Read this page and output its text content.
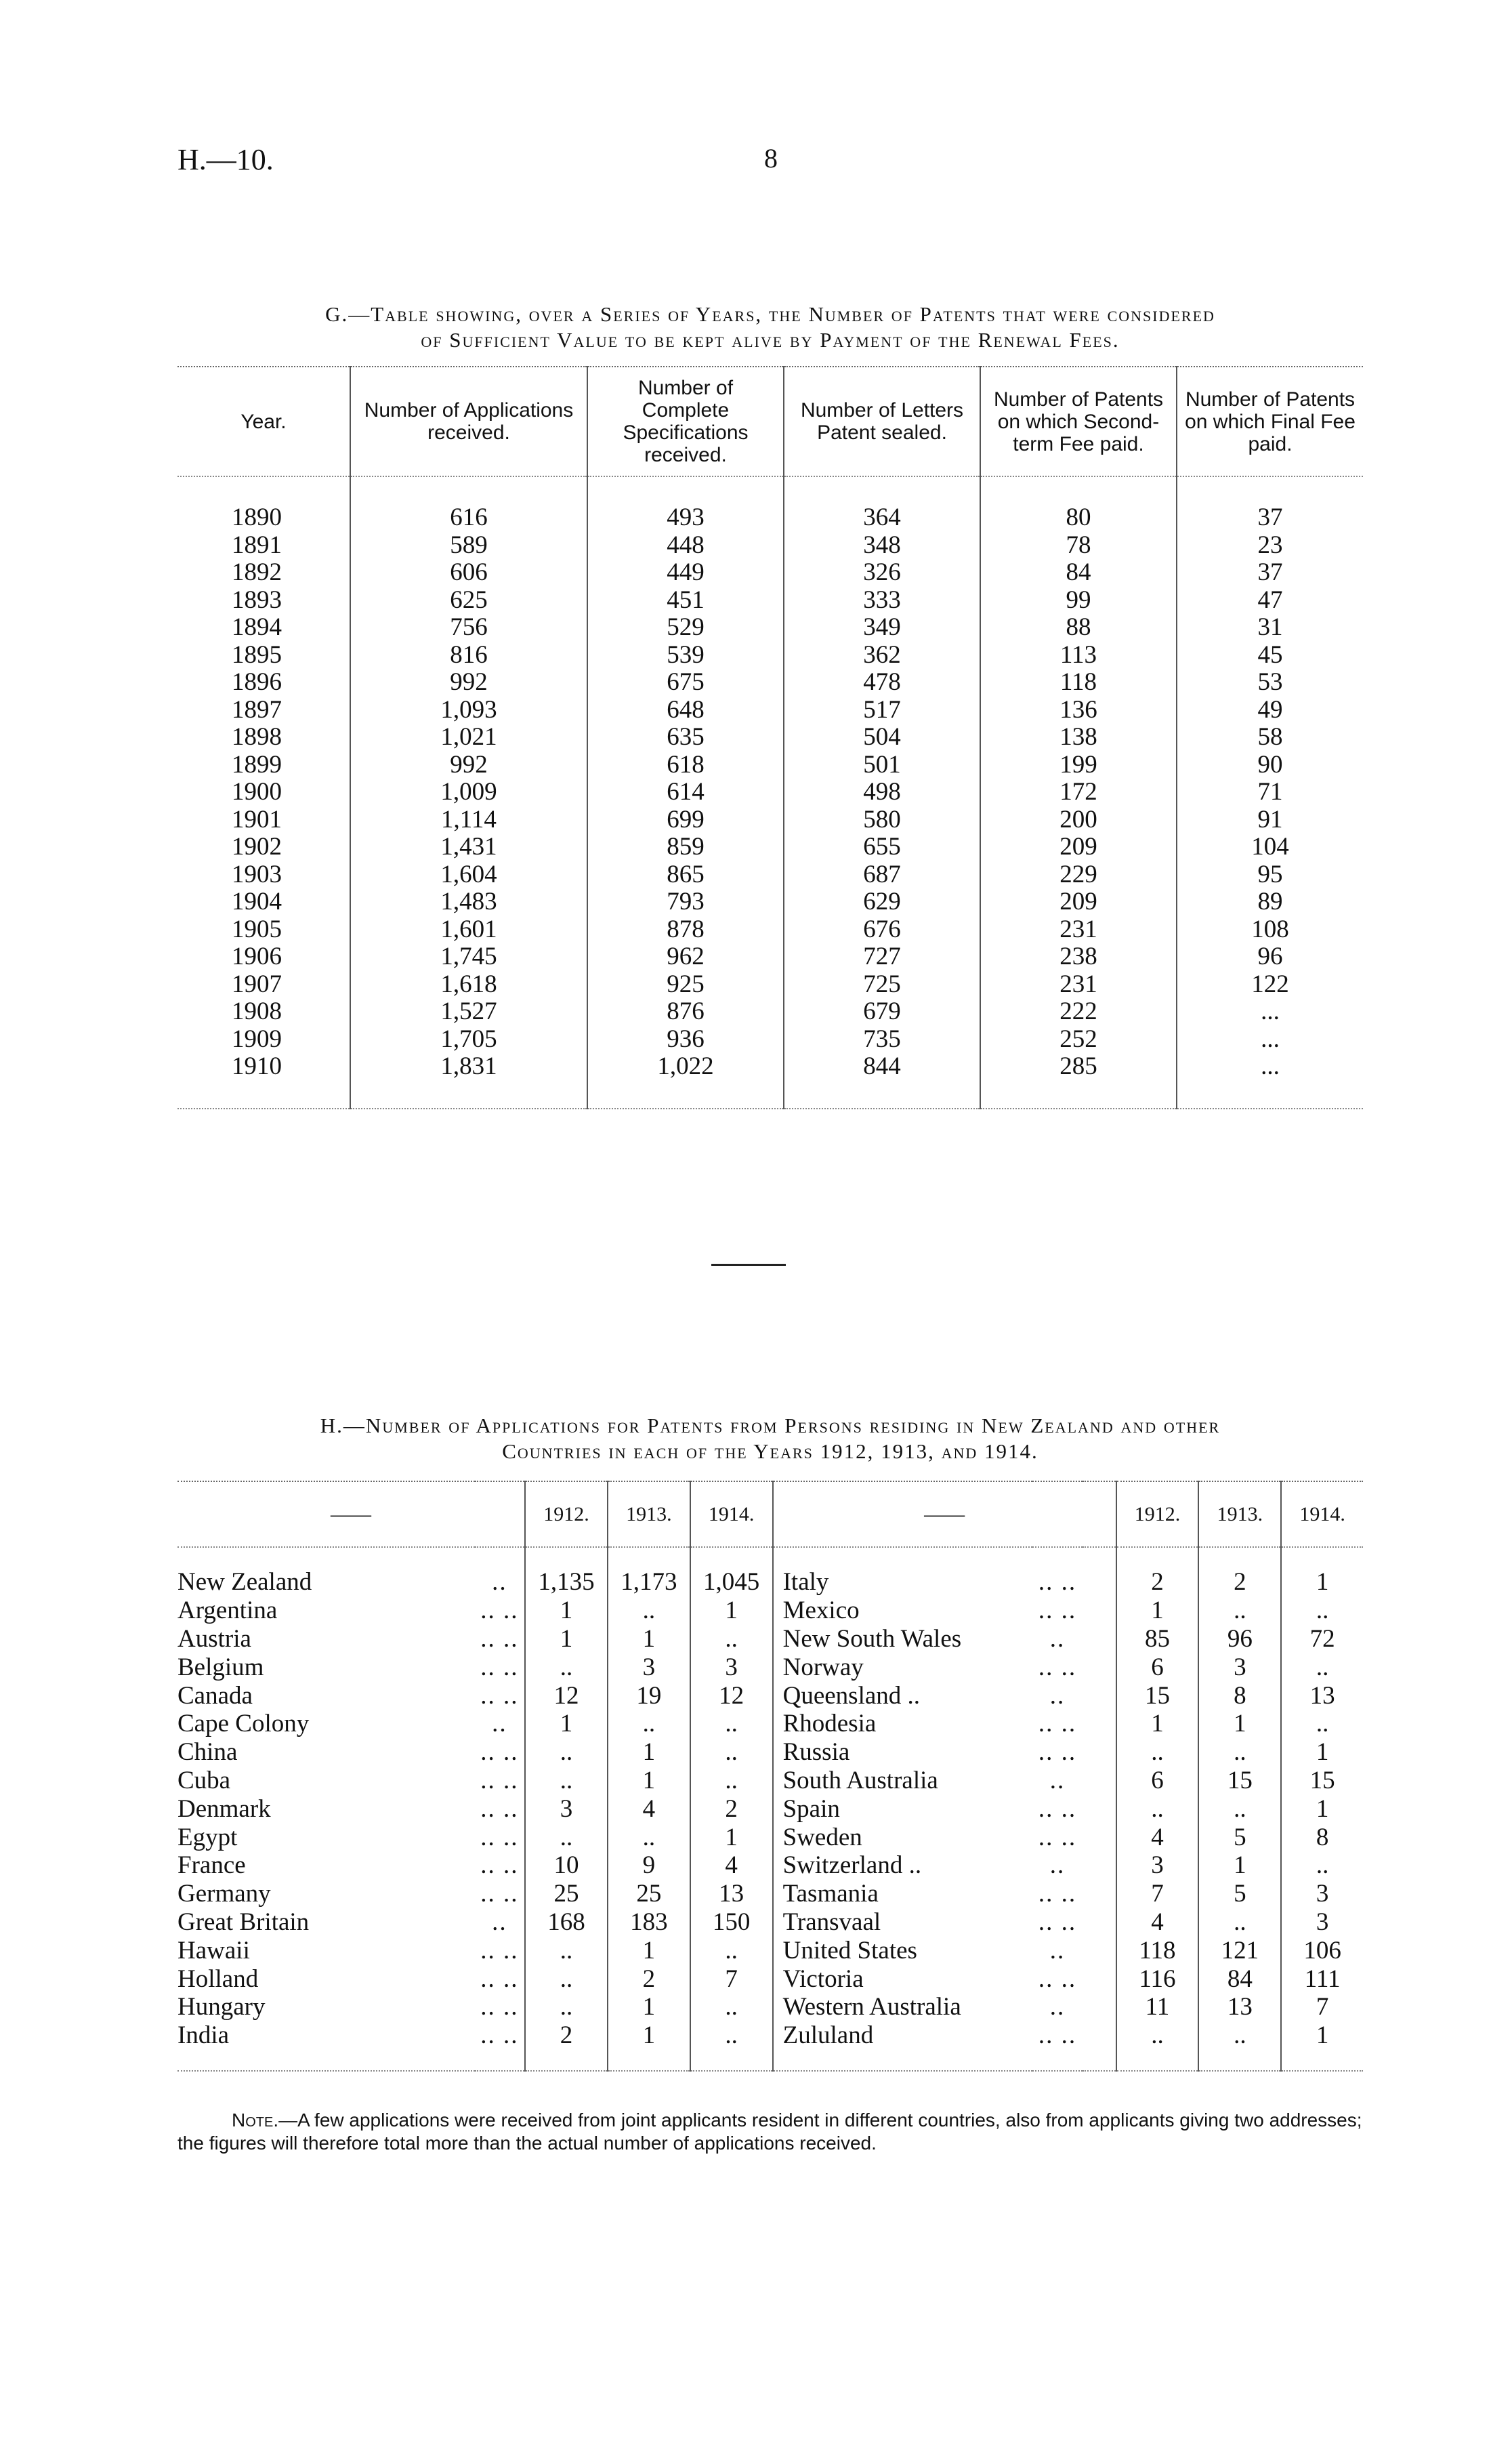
H.—10.	8
G.—Table showing, over a Series of Years, the Number of Patents that were considered
of Sufficient Value to be kept alive by Payment of the Renewal Fees.
Year.	Number of Applications received.	Number of Complete Specifications received.	Number of Letters Patent sealed.	Number of Patents on which Second-term Fee paid.	Number of Patents on which Final Fee paid.

1890	616	493	364	80	37
1891	589	448	348	78	23
1892	606	449	326	84	37
1893	625	451	333	99	47
1894	756	529	349	88	31
1895	816	539	362	113	45
1896	992	675	478	118	53
1897	1,093	648	517	136	49
1898	1,021	635	504	138	58
1899	992	618	501	199	90
1900	1,009	614	498	172	71
1901	1,114	699	580	200	91
1902	1,431	859	655	209	104
1903	1,604	865	687	229	95
1904	1,483	793	629	209	89
1905	1,601	878	676	231	108
1906	1,745	962	727	238	96
1907	1,618	925	725	231	122
1908	1,527	876	679	222	...
1909	1,705	936	735	252	...
1910	1,831	1,022	844	285	...

H.—Number of Applications for Patents from Persons residing in New Zealand and other
Countries in each of the Years 1912, 1913, and 1914.
——		1912.	1913.	1914.	——			1912.	1913.	1914.

New Zealand	..	1,135	1,173	1,045	Italy	.. ..		2	2	1
Argentina	.. ..	1	..	1	Mexico	.. ..		1	..	..
Austria	.. ..	1	1	..	New South Wales	..		85	96	72
Belgium	.. ..	..	3	3	Norway	.. ..		6	3	..
Canada	.. ..	12	19	12	Queensland ..	..		15	8	13
Cape Colony	..	1	..	..	Rhodesia	.. ..		1	1	..
China	.. ..	..	1	..	Russia	.. ..		..	..	1
Cuba	.. ..	..	1	..	South Australia	..		6	15	15
Denmark	.. ..	3	4	2	Spain	.. ..		..	..	1
Egypt	.. ..	..	..	1	Sweden	.. ..		4	5	8
France	.. ..	10	9	4	Switzerland ..	..		3	1	..
Germany	.. ..	25	25	13	Tasmania	.. ..		7	5	3
Great Britain	..	168	183	150	Transvaal	.. ..		4	..	3
Hawaii	.. ..	..	1	..	United States	..		118	121	106
Holland	.. ..	..	2	7	Victoria	.. ..		116	84	111
Hungary	.. ..	..	1	..	Western Australia	..		11	13	7
India	.. ..	2	1	..	Zululand	.. ..		..	..	1

Note.—A few applications were received from joint applicants resident in different countries, also from applicants giving two addresses; the figures will therefore total more than the actual number of applications received.
